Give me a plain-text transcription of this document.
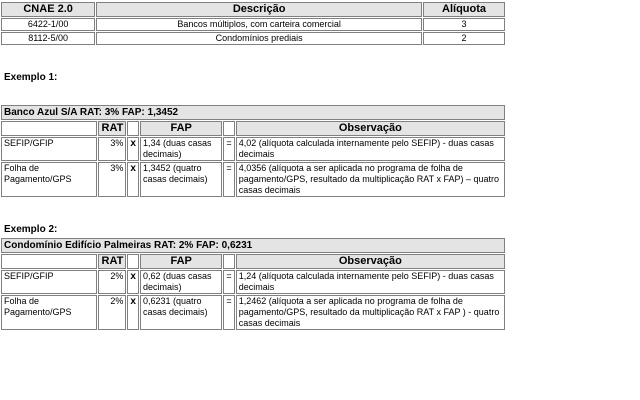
CNAE 2.0	Descrição	Alíquota
6422-1/00	Bancos múltiplos, com carteira comercial	3
8112-5/00	Condomínios prediais	2
Exemplo 1:
Banco Azul S/A RAT: 3% FAP: 1,3452					
	RAT		FAP		Observação
SEFIP/GFIP	3%	x	1,34 (duas casas decimais)	=	4,02 (alíquota calculada internamente pelo SEFIP) - duas casas decimais
Folha de Pagamento/GPS	3%	x	1,3452 (quatro casas decimais)	=	4,0356 (alíquota a ser aplicada no programa de folha de pagamento/GPS, resultado da multiplicação RAT x FAP) – quatro casas decimais
Exemplo 2:
Condomínio Edifício Palmeiras RAT: 2% FAP: 0,6231					
	RAT		FAP		Observação
SEFIP/GFIP	2%	x	0,62 (duas casas decimais)	=	1,24 (alíquota calculada internamente pelo SEFIP) - duas casas decimais
Folha de Pagamento/GPS	2%	x	0,6231 (quatro casas decimais)	=	1,2462 (alíquota a ser aplicada no programa de folha de pagamento/GPS, resultado da multiplicação RAT x FAP ) - quatro casas decimais
